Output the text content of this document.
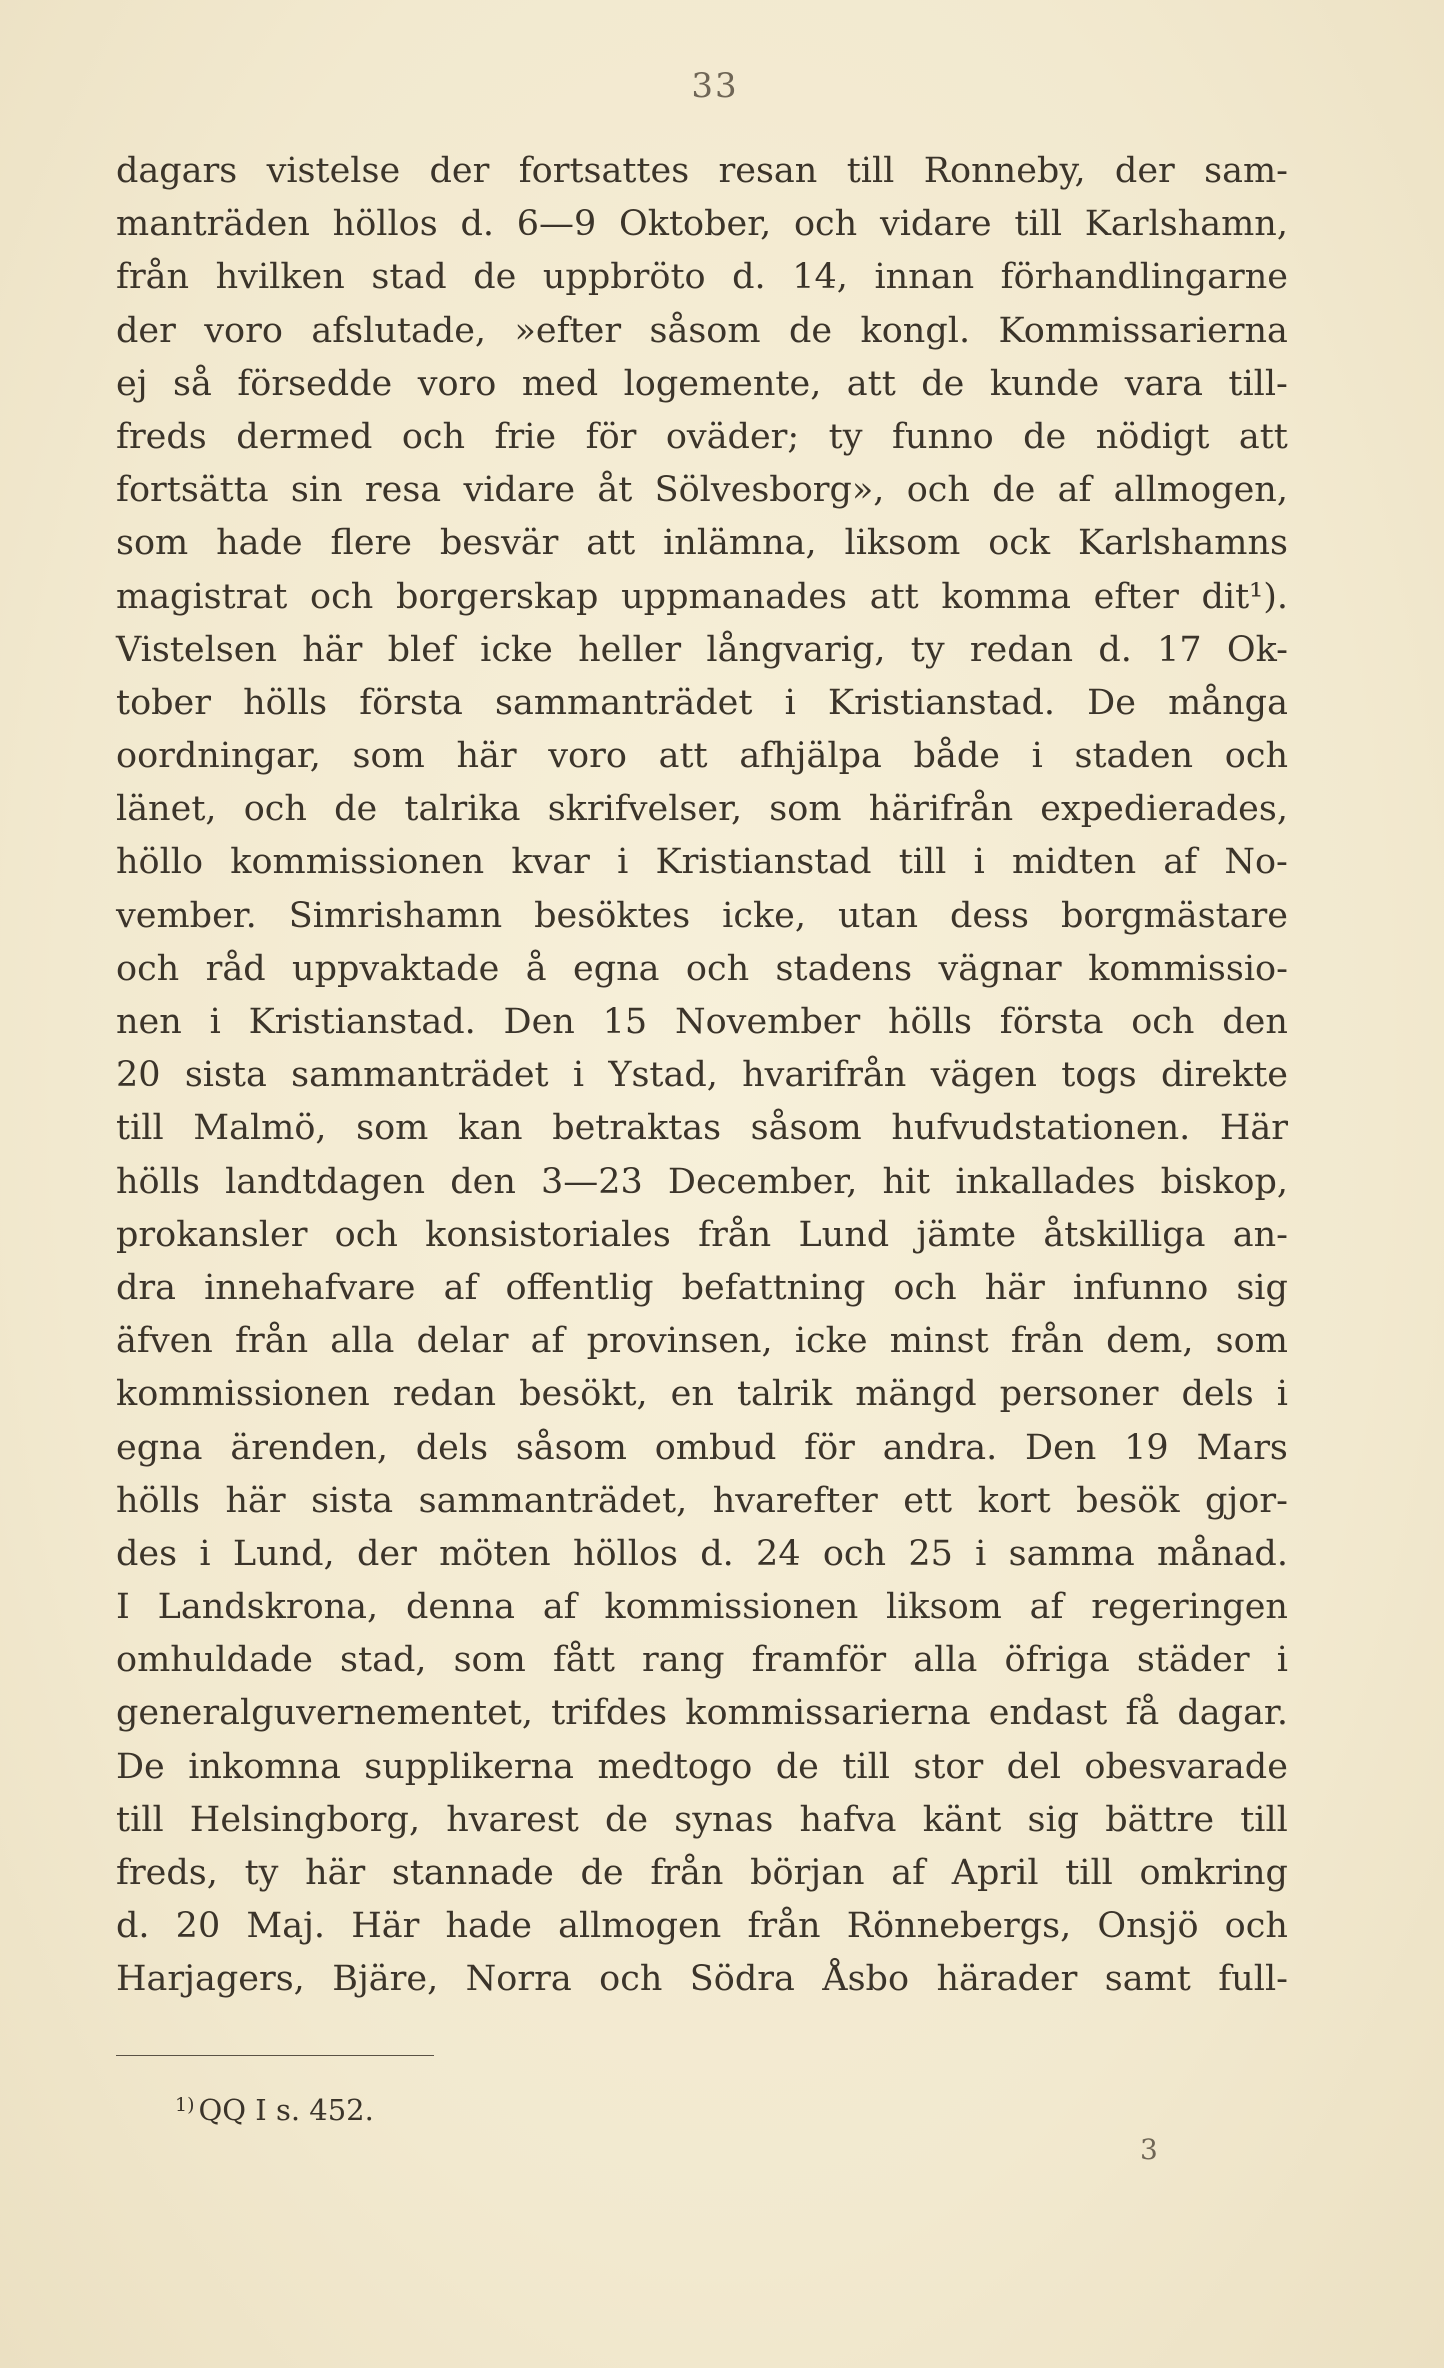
33
dagars vistelse der fortsattes resan till Ronneby, der sam-
manträden höllos d. 6—9 Oktober, och vidare till Karlshamn,
från hvilken stad de uppbröto d. 14, innan förhandlingarne
der voro afslutade, »efter såsom de kongl. Kommissarierna
ej så försedde voro med logemente, att de kunde vara till-
freds dermed och frie för oväder; ty funno de nödigt att
fortsätta sin resa vidare åt Sölvesborg», och de af allmogen,
som hade flere besvär att inlämna, liksom ock Karlshamns
magistrat och borgerskap uppmanades att komma efter dit¹).
Vistelsen här blef icke heller långvarig, ty redan d. 17 Ok-
tober hölls första sammanträdet i Kristianstad. De många
oordningar, som här voro att afhjälpa både i staden och
länet, och de talrika skrifvelser, som härifrån expedierades,
höllo kommissionen kvar i Kristianstad till i midten af No-
vember. Simrishamn besöktes icke, utan dess borgmästare
och råd uppvaktade å egna och stadens vägnar kommissio-
nen i Kristianstad. Den 15 November hölls första och den
20 sista sammanträdet i Ystad, hvarifrån vägen togs direkte
till Malmö, som kan betraktas såsom hufvudstationen. Här
hölls landtdagen den 3—23 December, hit inkallades biskop,
prokansler och konsistoriales från Lund jämte åtskilliga an-
dra innehafvare af offentlig befattning och här infunno sig
äfven från alla delar af provinsen, icke minst från dem, som
kommissionen redan besökt, en talrik mängd personer dels i
egna ärenden, dels såsom ombud för andra. Den 19 Mars
hölls här sista sammanträdet, hvarefter ett kort besök gjor-
des i Lund, der möten höllos d. 24 och 25 i samma månad.
I Landskrona, denna af kommissionen liksom af regeringen
omhuldade stad, som fått rang framför alla öfriga städer i
generalguvernementet, trifdes kommissarierna endast få dagar.
De inkomna supplikerna medtogo de till stor del obesvarade
till Helsingborg, hvarest de synas hafva känt sig bättre till
freds, ty här stannade de från början af April till omkring
d. 20 Maj. Här hade allmogen från Rönnebergs, Onsjö och
Harjagers, Bjäre, Norra och Södra Åsbo härader samt full-
$^{1)}$ QQ I s. 452.
3
